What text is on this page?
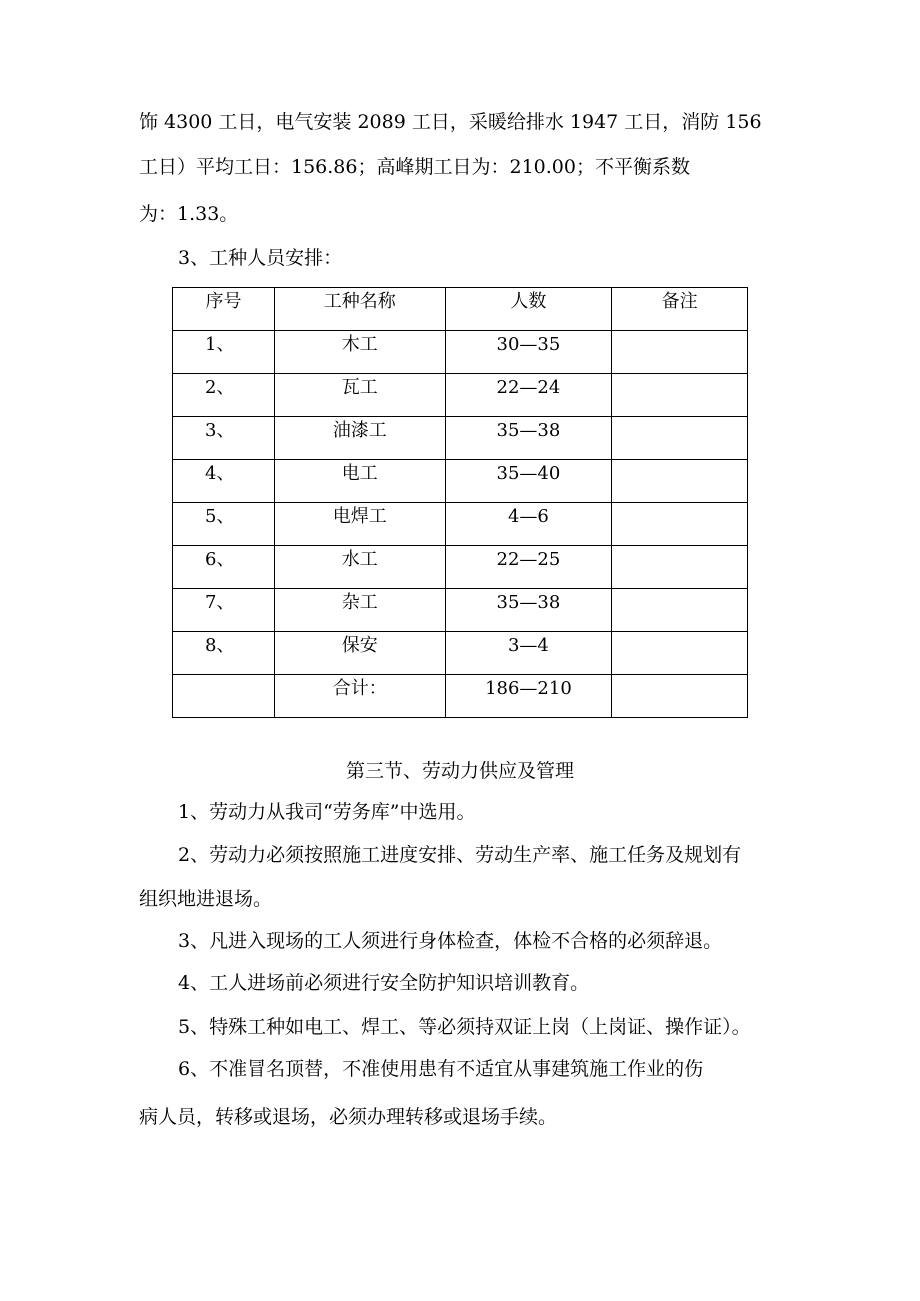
饰 4300 工日，电气安装 2089 工日，采暖给排水 1947 工日，消防 156
工日）平均工日：156.86；高峰期工日为：210.00；不平衡系数
为：1.33。
3、工种人员安排：
序号	工种名称	人数	备注
1、	木工	30—35	
2、	瓦工	22—24	
3、	油漆工	35—38	
4、	电工	35—40	
5、	电焊工	4—6	
6、	水工	22—25	
7、	杂工	35—38	
8、	保安	3—4	
	合计：	186—210	
第三节、劳动力供应及管理
1、劳动力从我司“劳务库”中选用。
2、劳动力必须按照施工进度安排、劳动生产率、施工任务及规划有
组织地进退场。
3、凡进入现场的工人须进行身体检查，体检不合格的必须辞退。
4、工人进场前必须进行安全防护知识培训教育。
5、特殊工种如电工、焊工、等必须持双证上岗（上岗证、操作证）。
6、不准冒名顶替，不准使用患有不适宜从事建筑施工作业的伤
病人员，转移或退场，必须办理转移或退场手续。
